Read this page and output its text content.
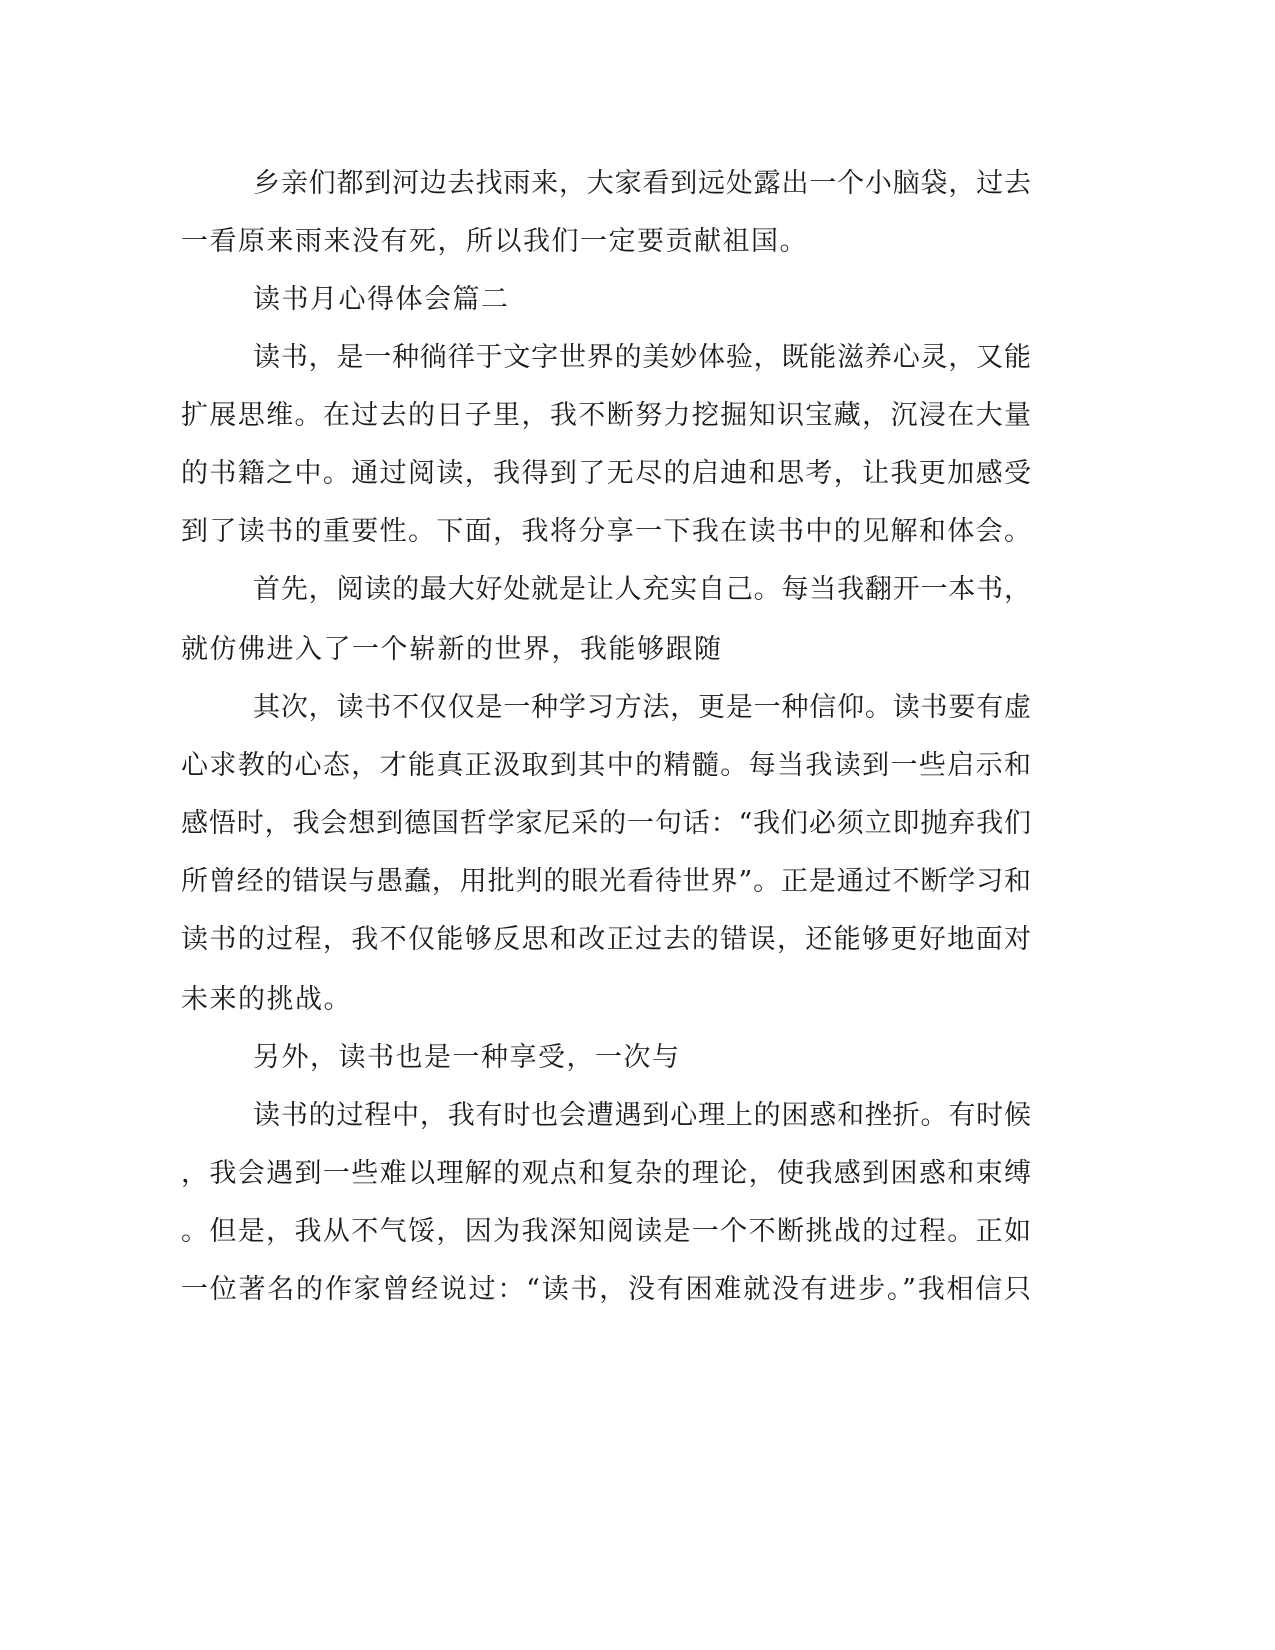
乡亲们都到河边去找雨来，大家看到远处露出一个小脑袋，过去
一看原来雨来没有死，所以我们一定要贡献祖国。
读书月心得体会篇二
读书，是一种徜徉于文字世界的美妙体验，既能滋养心灵，又能
扩展思维。在过去的日子里，我不断努力挖掘知识宝藏，沉浸在大量
的书籍之中。通过阅读，我得到了无尽的启迪和思考，让我更加感受
到了读书的重要性。下面，我将分享一下我在读书中的见解和体会。
首先，阅读的最大好处就是让人充实自己。每当我翻开一本书，
就仿佛进入了一个崭新的世界，我能够跟随
其次，读书不仅仅是一种学习方法，更是一种信仰。读书要有虚
心求教的心态，才能真正汲取到其中的精髓。每当我读到一些启示和
感悟时，我会想到德国哲学家尼采的一句话：“我们必须立即抛弃我们
所曾经的错误与愚蠢，用批判的眼光看待世界”。正是通过不断学习和
读书的过程，我不仅能够反思和改正过去的错误，还能够更好地面对
未来的挑战。
另外，读书也是一种享受，一次与
读书的过程中，我有时也会遭遇到心理上的困惑和挫折。有时候
，我会遇到一些难以理解的观点和复杂的理论，使我感到困惑和束缚
。但是，我从不气馁，因为我深知阅读是一个不断挑战的过程。正如
一位著名的作家曾经说过：“读书，没有困难就没有进步。”我相信只
